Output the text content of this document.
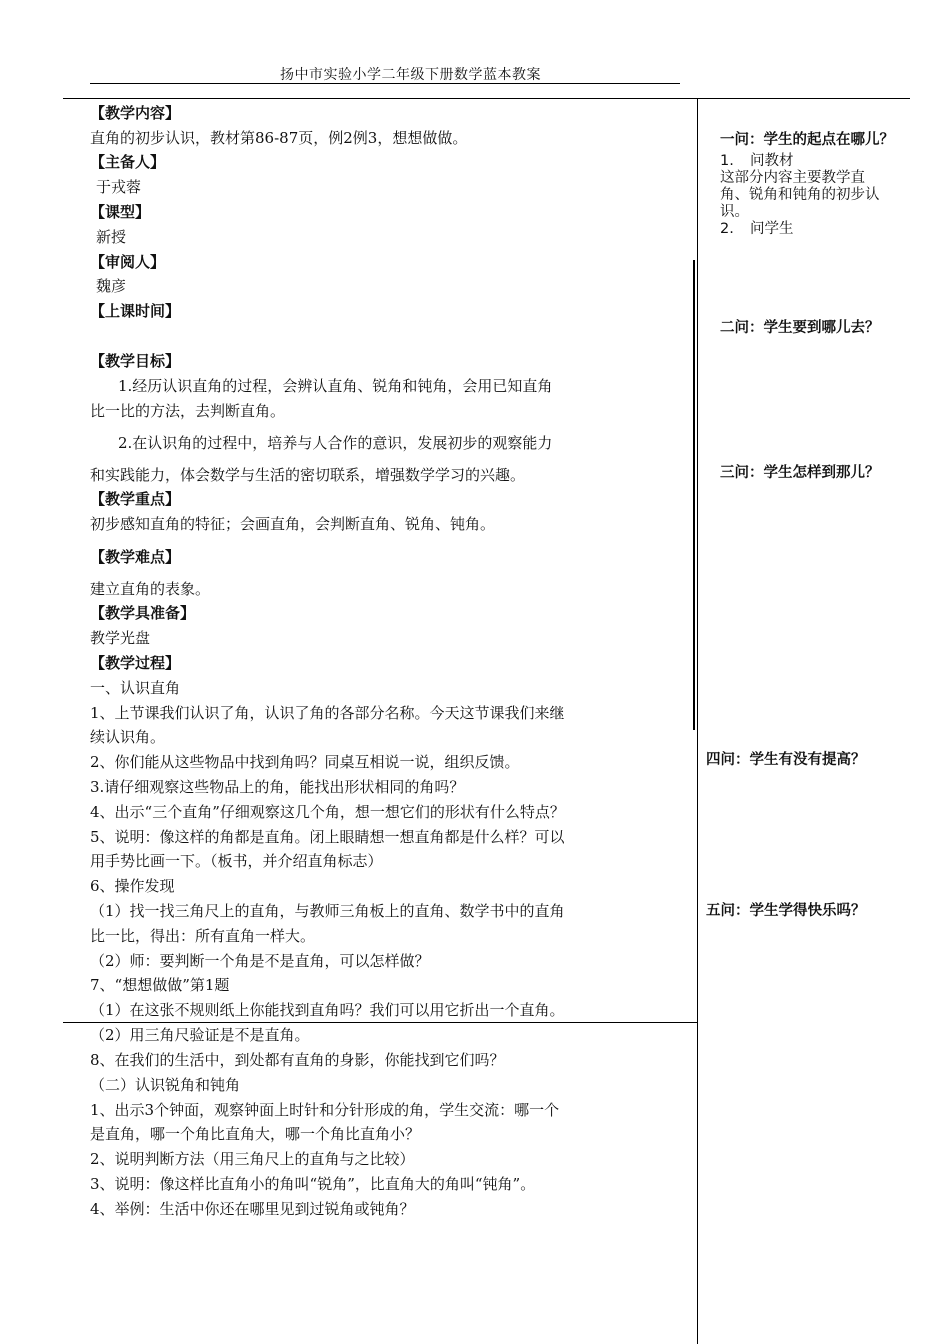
扬中市实验小学二年级下册数学蓝本教案
【教学内容】
直角的初步认识，教材第86-87页，例2例3，想想做做。
【主备人】
于戎蓉
【课型】
新授
【审阅人】
魏彦
【上课时间】
【教学目标】
1.经历认识直角的过程，会辨认直角、锐角和钝角，会用已知直角
比一比的方法，去判断直角。
2.在认识角的过程中，培养与人合作的意识，发展初步的观察能力
和实践能力，体会数学与生活的密切联系，增强数学学习的兴趣。
【教学重点】
初步感知直角的特征；会画直角，会判断直角、锐角、钝角。
【教学难点】
建立直角的表象。
【教学具准备】
教学光盘
【教学过程】
一、认识直角
1、上节课我们认识了角，认识了角的各部分名称。今天这节课我们来继
续认识角。
2、你们能从这些物品中找到角吗？同桌互相说一说，组织反馈。
3.请仔细观察这些物品上的角，能找出形状相同的角吗？
4、出示“三个直角”仔细观察这几个角，想一想它们的形状有什么特点？
5、说明：像这样的角都是直角。闭上眼睛想一想直角都是什么样？可以
用手势比画一下。（板书，并介绍直角标志）
6、操作发现
（1）找一找三角尺上的直角，与教师三角板上的直角、数学书中的直角
比一比，得出：所有直角一样大。
（2）师：要判断一个角是不是直角，可以怎样做？
7、“想想做做”第1题
（1）在这张不规则纸上你能找到直角吗？我们可以用它折出一个直角。
（2）用三角尺验证是不是直角。
8、在我们的生活中，到处都有直角的身影，你能找到它们吗？
（二）认识锐角和钝角
1、出示3个钟面，观察钟面上时针和分针形成的角，学生交流：哪一个
是直角，哪一个角比直角大，哪一个角比直角小？
2、说明判断方法（用三角尺上的直角与之比较）
3、说明：像这样比直角小的角叫“锐角”，比直角大的角叫“钝角”。
4、举例：生活中你还在哪里见到过锐角或钝角？
一问：学生的起点在哪儿？
1. 问教材
这部分内容主要教学直
角、锐角和钝角的初步认
识。
2. 问学生
二问：学生要到哪儿去？
三问：学生怎样到那儿？
四问：学生有没有提高？
五问：学生学得快乐吗？
